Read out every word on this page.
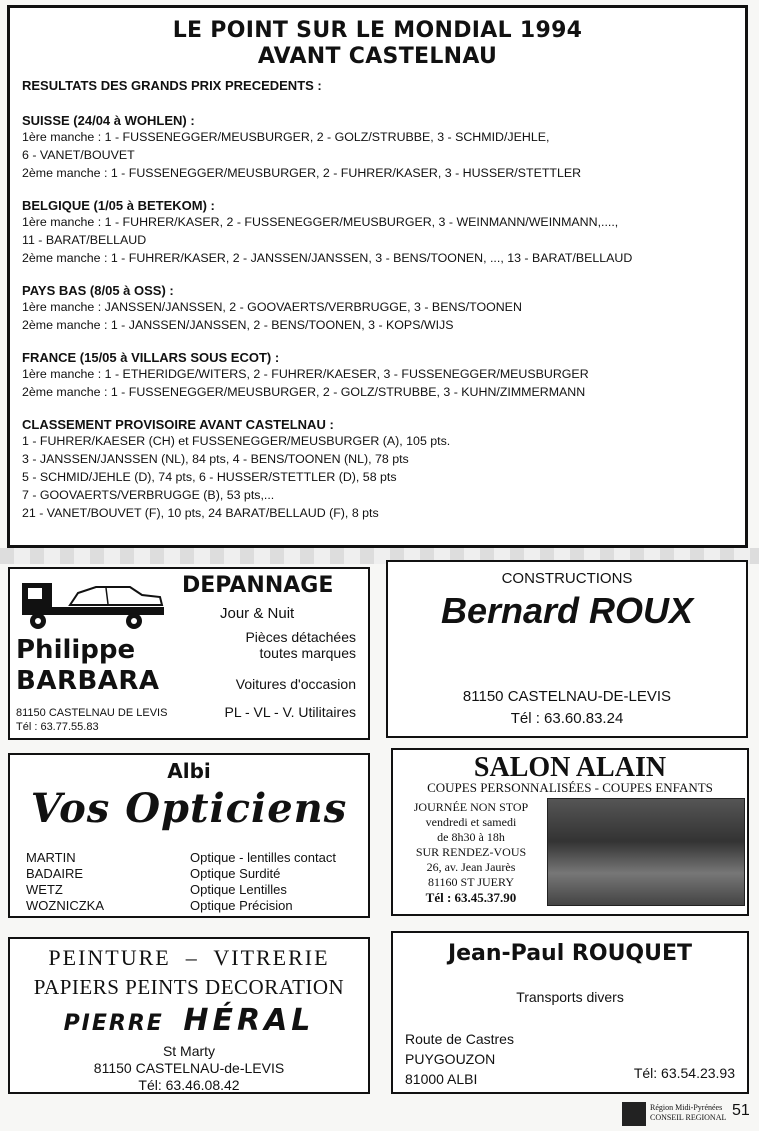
LE POINT SUR LE MONDIAL 1994
AVANT CASTELNAU
RESULTATS DES GRANDS PRIX PRECEDENTS :
SUISSE (24/04 à WOHLEN) :
1ère manche : 1 - FUSSENEGGER/MEUSBURGER, 2 - GOLZ/STRUBBE, 3 - SCHMID/JEHLE,
6 - VANET/BOUVET
2ème manche : 1 - FUSSENEGGER/MEUSBURGER, 2 - FUHRER/KASER, 3 - HUSSER/STETTLER
BELGIQUE (1/05 à BETEKOM) :
1ère manche : 1 - FUHRER/KASER, 2 - FUSSENEGGER/MEUSBURGER, 3 - WEINMANN/WEINMANN,....,
11 - BARAT/BELLAUD
2ème manche : 1 - FUHRER/KASER, 2 - JANSSEN/JANSSEN, 3 - BENS/TOONEN, ..., 13 - BARAT/BELLAUD
PAYS BAS (8/05 à OSS) :
1ère manche : JANSSEN/JANSSEN, 2 - GOOVAERTS/VERBRUGGE, 3 - BENS/TOONEN
2ème manche : 1 - JANSSEN/JANSSEN, 2 - BENS/TOONEN, 3 - KOPS/WIJS
FRANCE (15/05 à VILLARS SOUS ECOT) :
1ère manche : 1 - ETHERIDGE/WITERS, 2 - FUHRER/KAESER, 3 - FUSSENEGGER/MEUSBURGER
2ème manche : 1 - FUSSENEGGER/MEUSBURGER, 2 - GOLZ/STRUBBE, 3 - KUHN/ZIMMERMANN
CLASSEMENT PROVISOIRE AVANT CASTELNAU :
1 - FUHRER/KAESER (CH) et FUSSENEGGER/MEUSBURGER (A), 105 pts.
3 - JANSSEN/JANSSEN (NL), 84 pts, 4 - BENS/TOONEN (NL), 78 pts
5 - SCHMID/JEHLE (D), 74 pts, 6 - HUSSER/STETTLER (D), 58 pts
7 - GOOVAERTS/VERBRUGGE (B), 53 pts,...
21 - VANET/BOUVET (F), 10 pts, 24 BARAT/BELLAUD (F), 8 pts
DEPANNAGE
Jour & Nuit
Pièces détachées
toutes marques
Voitures d'occasion
PL - VL - V. Utilitaires
Philippe
BARBARA
81150 CASTELNAU DE LEVIS
Tél : 63.77.55.83
CONSTRUCTIONS
Bernard ROUX
81150 CASTELNAU-DE-LEVIS
Tél : 63.60.83.24
Albi
Vos Opticiens
MARTIN
BADAIRE
WETZ
WOZNICZKA
Optique - lentilles contact
Optique Surdité
Optique Lentilles
Optique Précision
SALON ALAIN
COUPES PERSONNALISÉES - COUPES ENFANTS
JOURNÉE NON STOP
vendredi et samedi
de 8h30 à 18h
SUR RENDEZ-VOUS
26, av. Jean Jaurès
81160 ST JUERY
Tél : 63.45.37.90
PEINTURE  –  VITRERIE
PAPIERS PEINTS DECORATION
PIERRE HÉRAL
St Marty
81150 CASTELNAU-de-LEVIS
Tél: 63.46.08.42
Jean-Paul ROUQUET
Transports divers
Route de Castres
PUYGOUZON
81000 ALBI	Tél: 63.54.23.93
Région Midi-Pyrénées
CONSEIL REGIONAL 51
